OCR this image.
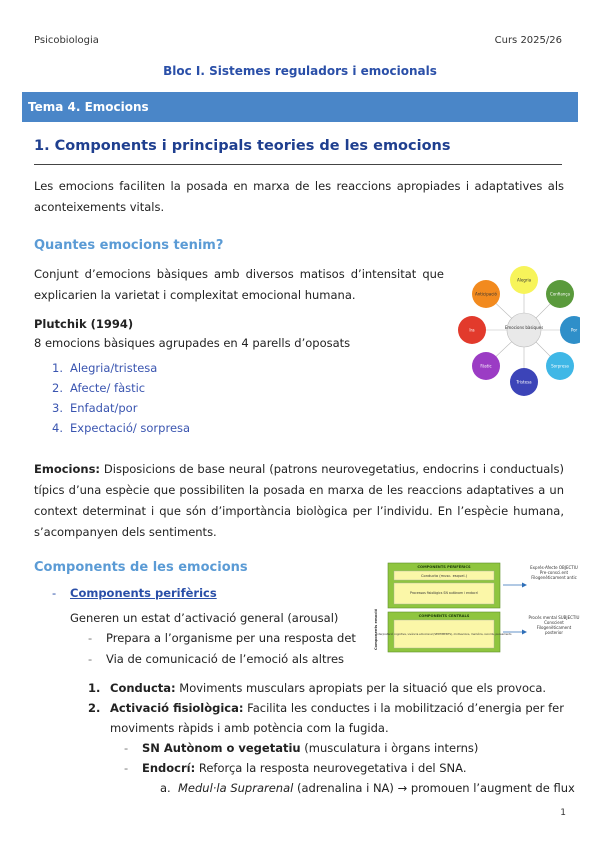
Psicobiologia	Curs 2025/26
Bloc I. Sistemes reguladors i emocionals
Tema 4. Emocions
1. Components i principals teories de les emocions
Les emocions faciliten la posada en marxa de les reaccions apropiades i adaptatives als aconteixements vitals.
Quantes emocions tenim?
Conjunt d’emocions bàsiques amb diversos matisos d’intensitat que explicarien la varietat i complexitat emocional humana.
Plutchik (1994)
8 emocions bàsiques agrupades en 4 parells d’oposats
1. Alegria/tristesa
2. Afecte/ fàstic
3. Enfadat/por
4. Expectació/ sorpresa
Emocions bàsiques
Alegria
Confiança
Por
Sorpresa
Tristesa
Fàstic
Ira
Anticipació
Emocions: Disposicions de base neural (patrons neurovegetatius, endocrins i conductuals) típics d’una espècie que possibiliten la posada en marxa de les reaccions adaptatives a un context determinat i que són d’importància biològica per l’individu. En l’espècie humana, s’acompanyen dels sentiments.
Components de les emocions
- Components perifèrics
Generen un estat d’activació general (arousal)
- Prepara a l’organisme per una resposta det
- Via de comunicació de l’emoció als altres
Components emoció
COMPONENTS PERIFÈRICS
Conducta (musc. esquel.)
Processos fisiològics SN autònom i endocrí
COMPONENTS CENTRALS
Interpretació cognitiva, vivència emocional (SENTIMENTS), motivacions, memòria, records, pensaments
Exprés·Afecte OBJECTIU Pre-consci.ent Filogenèticament antic
Procés mental SUBJECTIU Conscient Filogenèticament posterior
1. Conducta: Moviments musculars apropiats per la situació que els provoca.
2. Activació fisiològica: Facilita les conductes i la mobilització d’energia per fer moviments ràpids i amb potència com la fugida.
- SN Autònom o vegetatiu (musculatura i òrgans interns)
- Endocrí: Reforça la resposta neurovegetativa i del SNA.
a. Medul·la Suprarenal (adrenalina i NA) → promouen l’augment de flux
1
